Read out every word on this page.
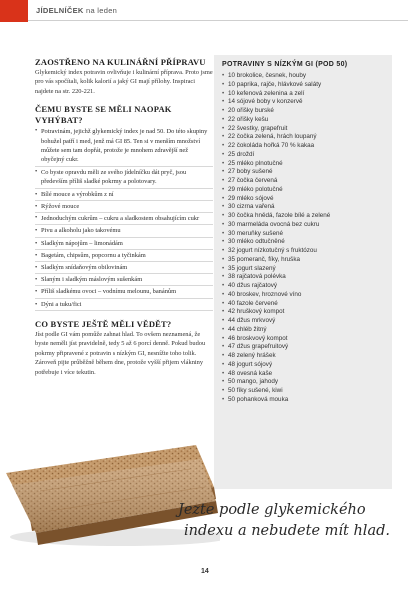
JÍDELNÍČEK na leden

ZAOSTŘENO NA KULINÁŘNÍ PŘÍPRAVU

Glykemický index potravin ovlivňuje i kulinární příprava. Proto jsme pro vás spočítali, kolik kalorií a jaký GI mají přílohy. Inspiraci najdete na str. 220-221.

ČEMU BYSTE SE MĚLI NAOPAK VYHÝBAT?

• Potravinám, jejichž glykemický index je nad 50. Do této skupiny bohužel patří i med, jenž má GI 85. Ten si v menším množství můžete sem tam dopřát, protože je mnohem zdravější než obyčejný cukr.
• Co byste opravdu měli ze svého jídelníčku dát pryč, jsou především příliš sladké pokrmy a polotovary.
• Bílé mouce a výrobkům z ní
• Rýžové mouce
• Jednoduchým cukrům – cukru a sladkostem obsahujícím cukr
• Pivu a alkoholu jako takovému
• Sladkým nápojům – limonádám
• Bagetám, chipsům, popcornu a tyčinkám
• Sladkým snídaňovým obilovinám
• Slaným i sladkým máslovým sušenkám
• Příliš sladkému ovoci – vodnímu melounu, banánům
• Dýni a tuku/fici

CO BYSTE JEŠTĚ MĚLI VĚDĚT?

Jíst podle GI vám pomůže zahnat hlad. To ovšem neznamená, že byste neměli jíst pravidelně, tedy 5 až 6 porcí denně. Pokud budou pokrmy připravené z potravin s nízkým GI, nesnížte toho tolik. Zároveň pijte průběžně během dne, protože vyšší přijem vlákniny potřebuje i více tekutin.

POTRAVINY S NÍZKÝM GI (POD 50)

• 10 brokolice, česnek, houby
• 10 paprika, rajče, hlávkové saláty
• 10 kefenová zelenina a zelí
• 14 sójové boby v konzervě
• 20 ořišky burské
• 22 ořišky kešu
• 22 švestky, grapefruit
• 22 čočka zelená, hrách loupaný
• 22 čokoláda hořká 70 % kakaa
• 25 droždí
• 25 mléko plnotučné
• 27 boby sušené
• 27 čočka červená
• 29 mléko polotučné
• 29 mléko sójové
• 30 cizrna vařená
• 30 čočka hnědá, fazole bílé a zelené
• 30 marmeláda ovocná bez cukru
• 30 meruňky sušené
• 30 mléko odtučněné
• 32 jogurt nízkotučný s fruktózou
• 35 pomeranč, fíky, hruška
• 35 jogurt slazený
• 38 rajčatová polévka
• 40 džus rajčatový
• 40 broskev, hroznové víno
• 40 fazole červené
• 42 hruškový kompot
• 44 džus mrkvový
• 44 chléb žitný
• 46 broskvový kompot
• 47 džus grapefruitový
• 48 zelený hrášek
• 48 jogurt sójový
• 48 ovesná kaše
• 50 mango, jahody
• 50 fíky sušené, kiwi
• 50 pohanková mouka

Jezte podle glykemického
indexu a nebudete mít hlad.

14
